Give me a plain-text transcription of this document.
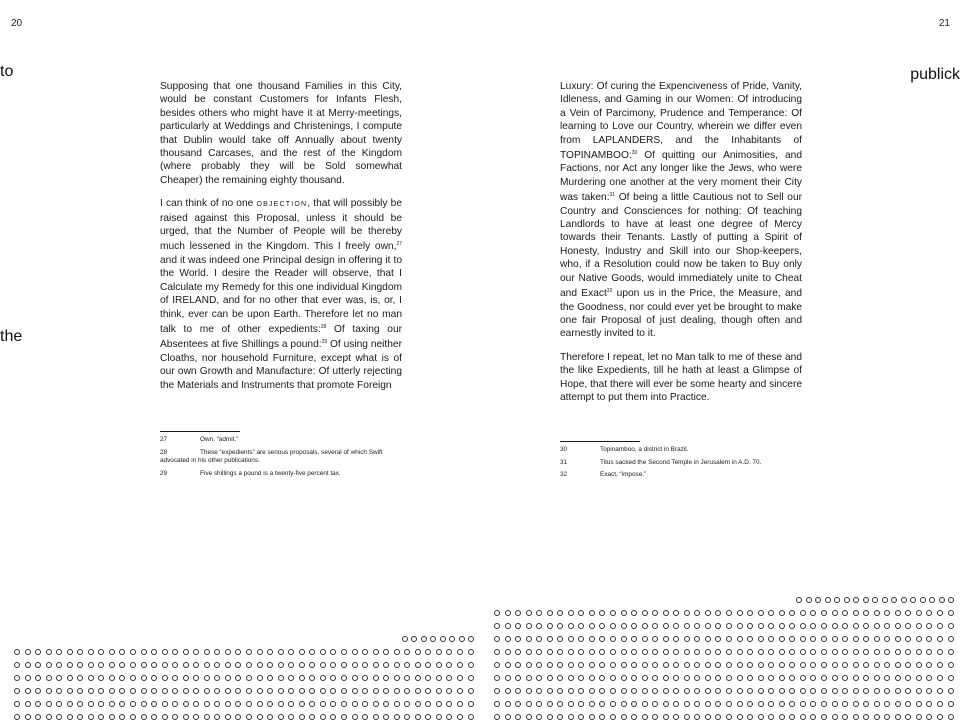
20	21
to
the
publick

Supposing that one thousand Families in this City, would be constant Customers for Infants Flesh, besides others who might have it at Merry-meetings, particularly at Weddings and Christenings, I compute that Dublin would take off Annually about twenty thousand Carcases, and the rest of the Kingdom (where probably they will be Sold somewhat Cheaper) the remaining eighty thousand.

I can think of no one OBJECTION, that will possibly be raised against this Proposal, unless it should be urged, that the Number of People will be thereby much lessened in the Kingdom. This I freely own,$^{27}$ and it was indeed one Principal design in offering it to the World. I desire the Reader will observe, that I Calculate my Remedy for this one individual Kingdom of IRELAND, and for no other that ever was, is, or, I think, ever can be upon Earth. Therefore let no man talk to me of other expedients:$^{28}$ Of taxing our Absentees at five Shillings a pound:$^{29}$ Of using neither Cloaths, nor household Furniture, except what is of our own Growth and Manufacture: Of utterly rejecting the Materials and Instruments that promote Foreign

Luxury: Of curing the Expenciveness of Pride, Vanity, Idleness, and Gaming in our Women: Of introducing a Vein of Parcimony, Prudence and Temperance: Of learning to Love our Country, wherein we differ even from LAPLANDERS, and the Inhabitants of TOPINAMBOO:$^{30}$ Of quitting our Animosities, and Factions, nor Act any longer like the Jews, who were Murdering one another at the very moment their City was taken:$^{31}$ Of being a little Cautious not to Sell our Country and Consciences for nothing: Of teaching Landlords to have at least one degree of Mercy towards their Tenants. Lastly of putting a Spirit of Honesty, Industry and Skill into our Shop-keepers, who, if a Resolution could now be taken to Buy only our Native Goods, would immediately unite to Cheat and Exact$^{32}$ upon us in the Price, the Measure, and the Goodness, nor could ever yet be brought to make one fair Proposal of just dealing, though often and earnestly invited to it.

Therefore I repeat, let no Man talk to me of these and the like Expedients, till he hath at least a Glimpse of Hope, that there will ever be some hearty and sincere attempt to put them into Practice.

27	Own, “admit.”
28	These “expedients” are serious proposals, several of which Swift advocated in his other publications.
29	Five shillings a pound is a twenty-five percent tax.
30	Topinamboo, a district in Brazil.
31	Titus sacked the Second Temple in Jerusalem in A.D. 70.
32	Exact, “impose.”
